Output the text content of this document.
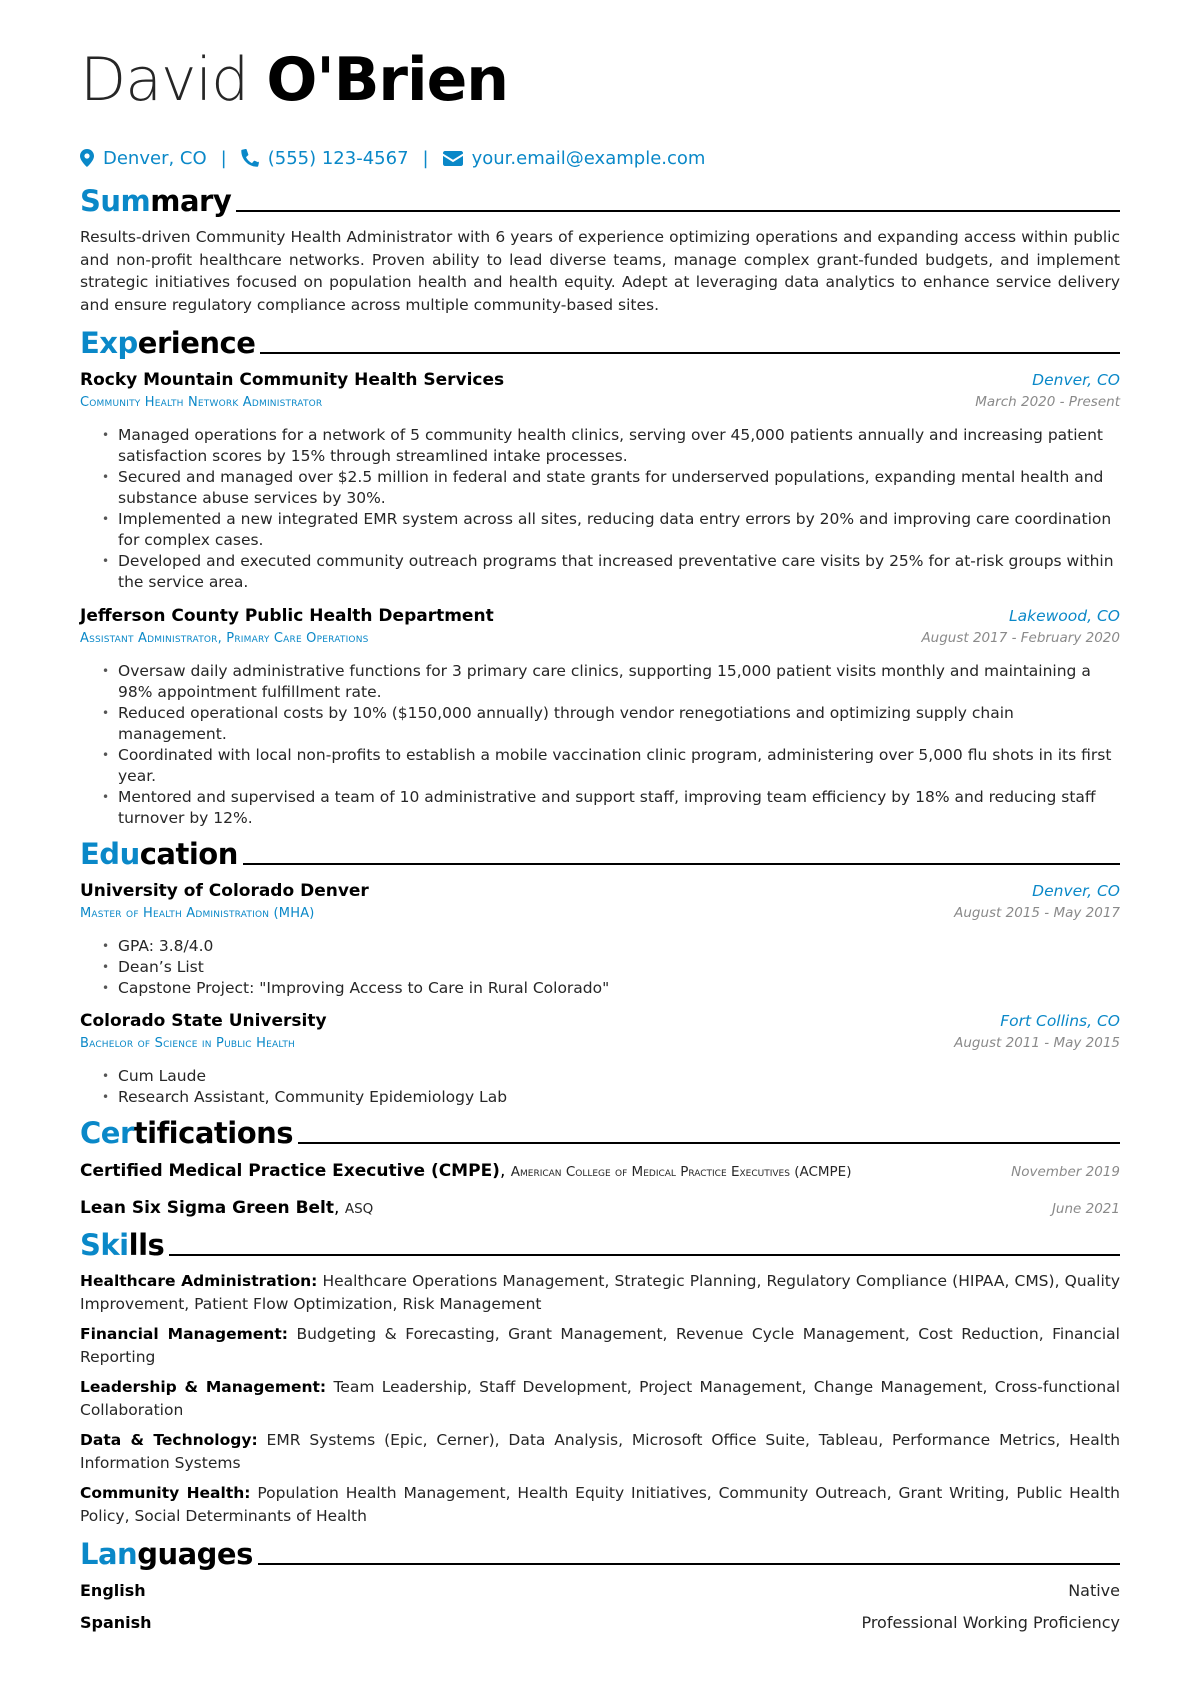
David O'Brien
Denver, CO | (555) 123-4567 | your.email@example.com
Summary

Results-driven Community Health Administrator with 6 years of experience optimizing operations and expanding access within public and non-profit healthcare networks. Proven ability to lead diverse teams, manage complex grant-funded budgets, and implement strategic initiatives focused on population health and health equity. Adept at leveraging data analytics to enhance service delivery and ensure regulatory compliance across multiple community-based sites.

Experience
Rocky Mountain Community Health Services	Denver, CO
Community Health Network Administrator	March 2020 - Present
• Managed operations for a network of 5 community health clinics, serving over 45,000 patients annually and increasing patient satisfaction scores by 15% through streamlined intake processes.
• Secured and managed over $2.5 million in federal and state grants for underserved populations, expanding mental health and substance abuse services by 30%.
• Implemented a new integrated EMR system across all sites, reducing data entry errors by 20% and improving care coordination for complex cases.
• Developed and executed community outreach programs that increased preventative care visits by 25% for at-risk groups within the service area.
Jefferson County Public Health Department	Lakewood, CO
Assistant Administrator, Primary Care Operations	August 2017 - February 2020
• Oversaw daily administrative functions for 3 primary care clinics, supporting 15,000 patient visits monthly and maintaining a 98% appointment fulfillment rate.
• Reduced operational costs by 10% ($150,000 annually) through vendor renegotiations and optimizing supply chain management.
• Coordinated with local non-profits to establish a mobile vaccination clinic program, administering over 5,000 flu shots in its first year.
• Mentored and supervised a team of 10 administrative and support staff, improving team efficiency by 18% and reducing staff turnover by 12%.
Education
University of Colorado Denver	Denver, CO
Master of Health Administration (MHA)	August 2015 - May 2017
• GPA: 3.8/4.0
• Dean’s List
• Capstone Project: "Improving Access to Care in Rural Colorado"
Colorado State University	Fort Collins, CO
Bachelor of Science in Public Health	August 2011 - May 2015
• Cum Laude
• Research Assistant, Community Epidemiology Lab
Certifications
Certified Medical Practice Executive (CMPE), American College of Medical Practice Executives (ACMPE)	November 2019
Lean Six Sigma Green Belt, ASQ	June 2021
Skills

Healthcare Administration: Healthcare Operations Management, Strategic Planning, Regulatory Compliance (HIPAA, CMS), Quality Improvement, Patient Flow Optimization, Risk Management

Financial Management: Budgeting & Forecasting, Grant Management, Revenue Cycle Management, Cost Reduction, Financial Reporting

Leadership & Management: Team Leadership, Staff Development, Project Management, Change Management, Cross-functional Collaboration

Data & Technology: EMR Systems (Epic, Cerner), Data Analysis, Microsoft Office Suite, Tableau, Performance Metrics, Health Information Systems

Community Health: Population Health Management, Health Equity Initiatives, Community Outreach, Grant Writing, Public Health Policy, Social Determinants of Health

Languages
English	Native
Spanish	Professional Working Proficiency
